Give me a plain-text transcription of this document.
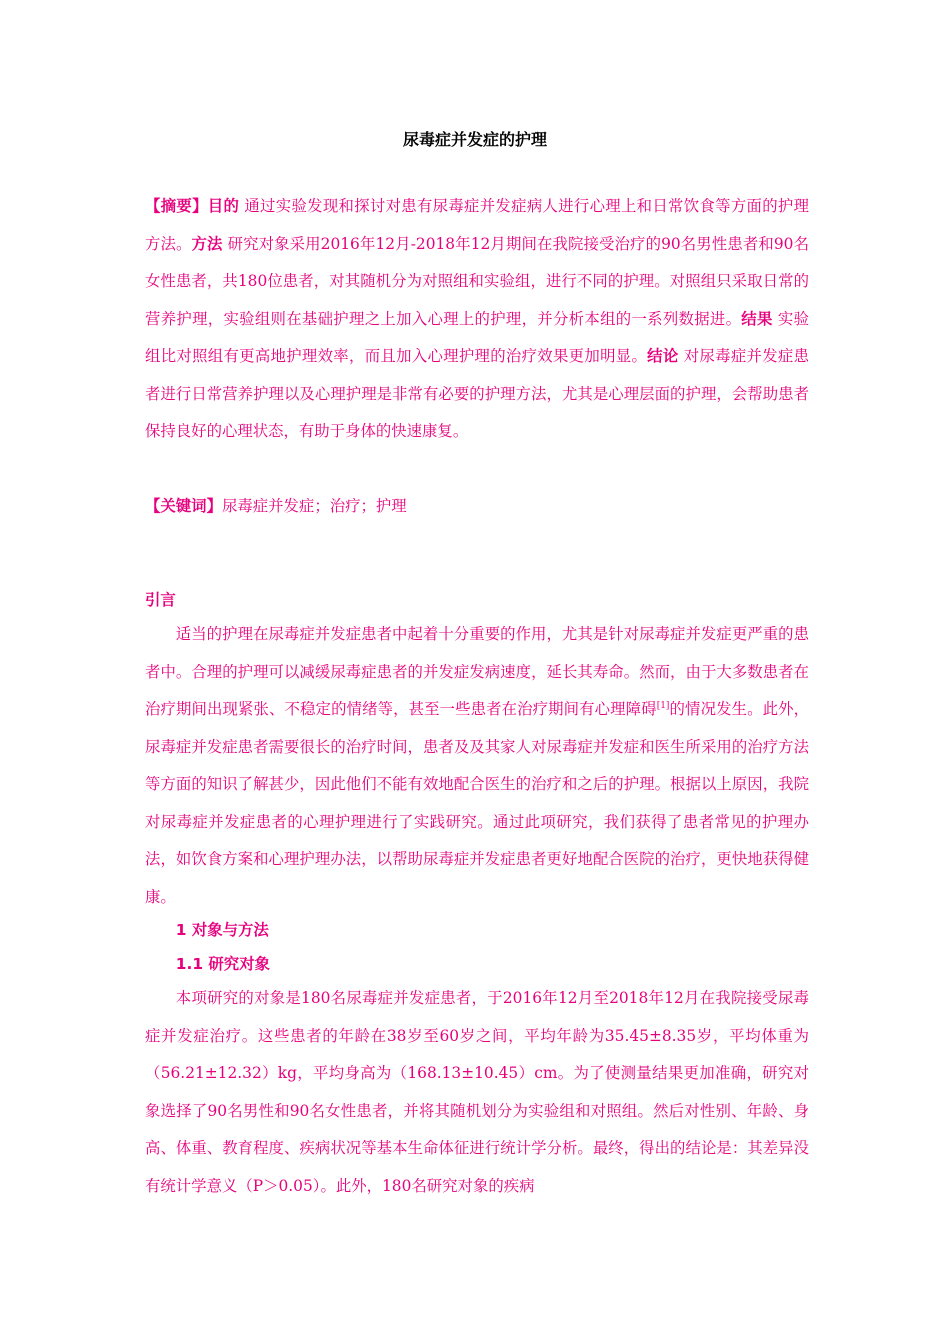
尿毒症并发症的护理
【摘要】目的 通过实验发现和探讨对患有尿毒症并发症病人进行心理上和日常饮食等方面的护理方法。方法 研究对象采用2016年12月-2018年12月期间在我院接受治疗的90名男性患者和90名女性患者，共180位患者，对其随机分为对照组和实验组，进行不同的护理。对照组只采取日常的营养护理，实验组则在基础护理之上加入心理上的护理，并分析本组的一系列数据进。结果 实验组比对照组有更高地护理效率，而且加入心理护理的治疗效果更加明显。结论 对尿毒症并发症患者进行日常营养护理以及心理护理是非常有必要的护理方法，尤其是心理层面的护理，会帮助患者保持良好的心理状态，有助于身体的快速康复。
【关键词】尿毒症并发症；治疗；护理
引言
适当的护理在尿毒症并发症患者中起着十分重要的作用，尤其是针对尿毒症并发症更严重的患者中。合理的护理可以减缓尿毒症患者的并发症发病速度，延长其寿命。然而，由于大多数患者在治疗期间出现紧张、不稳定的情绪等，甚至一些患者在治疗期间有心理障碍[1]的情况发生。此外，尿毒症并发症患者需要很长的治疗时间，患者及及其家人对尿毒症并发症和医生所采用的治疗方法等方面的知识了解甚少，因此他们不能有效地配合医生的治疗和之后的护理。根据以上原因，我院对尿毒症并发症患者的心理护理进行了实践研究。通过此项研究，我们获得了患者常见的护理办法，如饮食方案和心理护理办法，以帮助尿毒症并发症患者更好地配合医院的治疗，更快地获得健康。
1 对象与方法
1.1 研究对象
本项研究的对象是180名尿毒症并发症患者，于2016年12月至2018年12月在我院接受尿毒症并发症治疗。这些患者的年龄在38岁至60岁之间，平均年龄为35.45±8.35岁，平均体重为（56.21±12.32）kg，平均身高为（168.13±10.45）cm。为了使测量结果更加准确，研究对象选择了90名男性和90名女性患者，并将其随机划分为实验组和对照组。然后对性别、年龄、身高、体重、教育程度、疾病状况等基本生命体征进行统计学分析。最终，得出的结论是：其差异没有统计学意义（P＞0.05）。此外，180名研究对象的疾病
